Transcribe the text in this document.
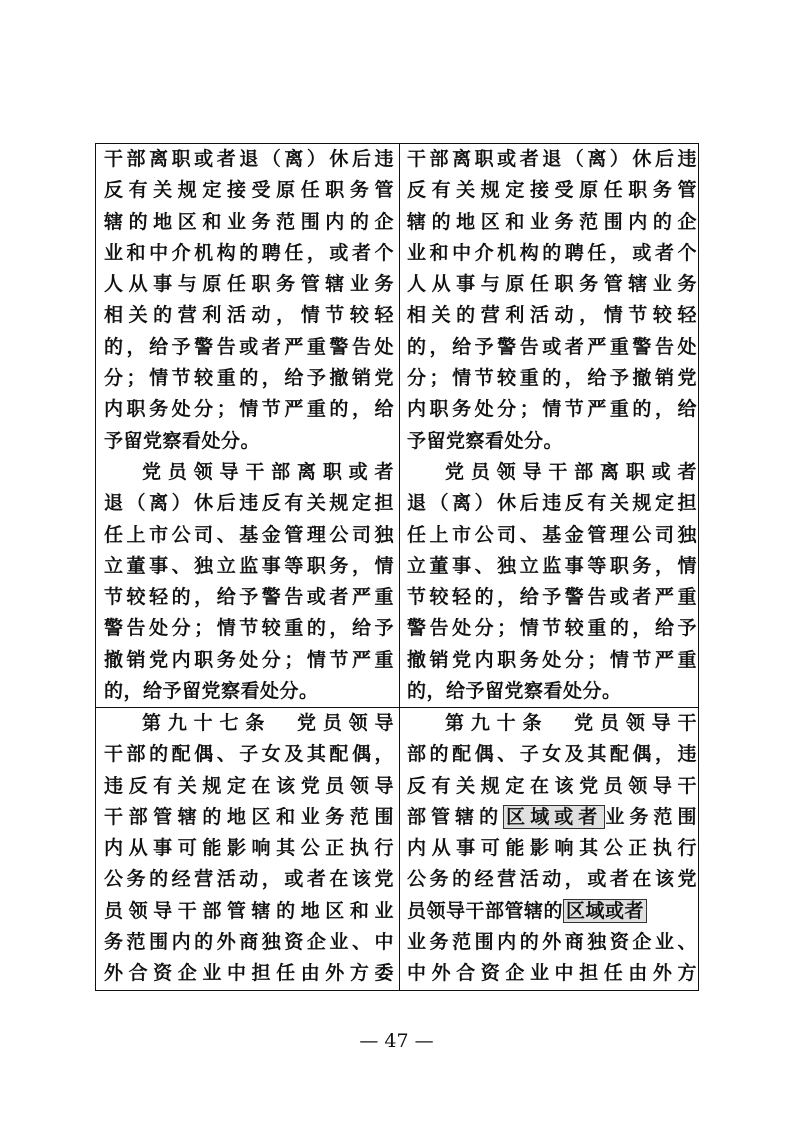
干部离职或者退（离）休后违
反有关规定接受原任职务管
辖的地区和业务范围内的企
业和中介机构的聘任，或者个
人从事与原任职务管辖业务
相关的营利活动，情节较轻
的，给予警告或者严重警告处
分；情节较重的，给予撤销党
内职务处分；情节严重的，给
予留党察看处分。
党员领导干部离职或者
退（离）休后违反有关规定担
任上市公司、基金管理公司独
立董事、独立监事等职务，情
节较轻的，给予警告或者严重
警告处分；情节较重的，给予
撤销党内职务处分；情节严重
的，给予留党察看处分。
干部离职或者退（离）休后违
反有关规定接受原任职务管
辖的地区和业务范围内的企
业和中介机构的聘任，或者个
人从事与原任职务管辖业务
相关的营利活动，情节较轻
的，给予警告或者严重警告处
分；情节较重的，给予撤销党
内职务处分；情节严重的，给
予留党察看处分。
党员领导干部离职或者
退（离）休后违反有关规定担
任上市公司、基金管理公司独
立董事、独立监事等职务，情
节较轻的，给予警告或者严重
警告处分；情节较重的，给予
撤销党内职务处分；情节严重
的，给予留党察看处分。
第九十七条　党员领导
干部的配偶、子女及其配偶，
违反有关规定在该党员领导
干部管辖的地区和业务范围
内从事可能影响其公正执行
公务的经营活动，或者在该党
员领导干部管辖的地区和业
务范围内的外商独资企业、中
外合资企业中担任由外方委
第九十条　党员领导干
部的配偶、子女及其配偶，违
反有关规定在该党员领导干
部管辖的 区域或者 业务范围
内从事可能影响其公正执行
公务的经营活动，或者在该党
员领导干部管辖的 区域或者
业务范围内的外商独资企业、
中外合资企业中担任由外方
— 47 —
